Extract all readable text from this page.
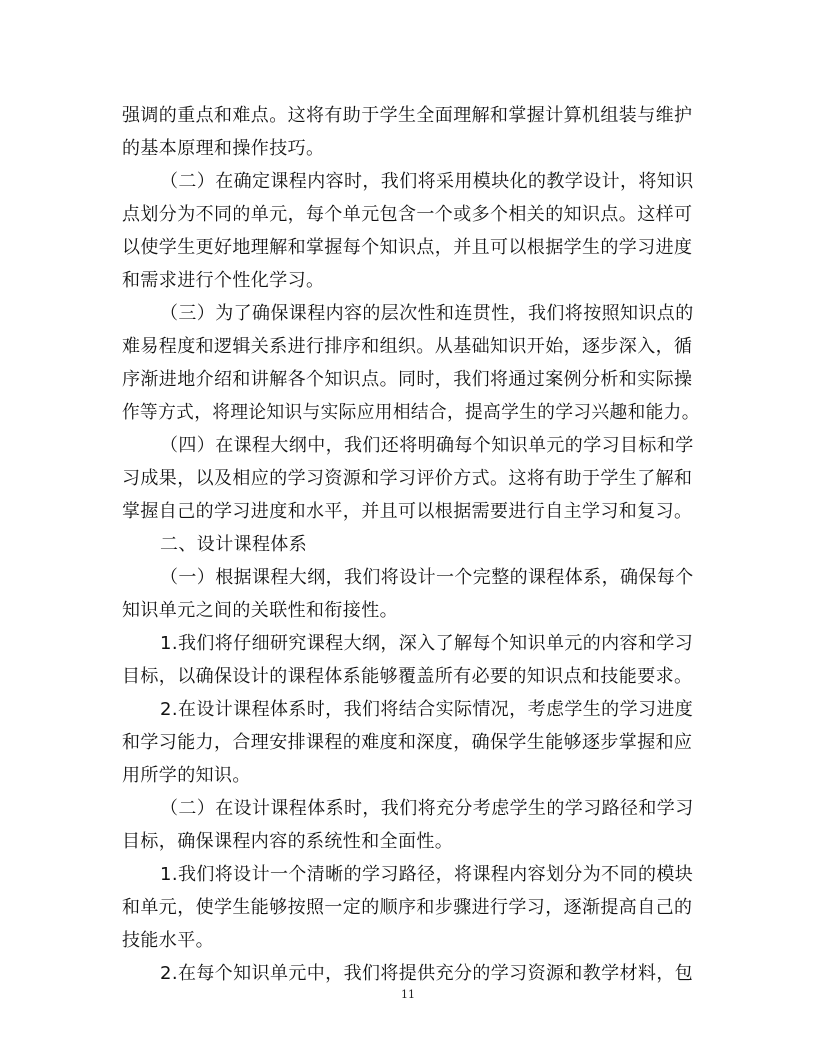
强调的重点和难点。这将有助于学生全面理解和掌握计算机组装与维护
的基本原理和操作技巧。
（二）在确定课程内容时，我们将采用模块化的教学设计，将知识
点划分为不同的单元，每个单元包含一个或多个相关的知识点。这样可
以使学生更好地理解和掌握每个知识点，并且可以根据学生的学习进度
和需求进行个性化学习。
（三）为了确保课程内容的层次性和连贯性，我们将按照知识点的
难易程度和逻辑关系进行排序和组织。从基础知识开始，逐步深入，循
序渐进地介绍和讲解各个知识点。同时，我们将通过案例分析和实际操
作等方式，将理论知识与实际应用相结合，提高学生的学习兴趣和能力。
（四）在课程大纲中，我们还将明确每个知识单元的学习目标和学
习成果，以及相应的学习资源和学习评价方式。这将有助于学生了解和
掌握自己的学习进度和水平，并且可以根据需要进行自主学习和复习。
二、设计课程体系
（一）根据课程大纲，我们将设计一个完整的课程体系，确保每个
知识单元之间的关联性和衔接性。
1.我们将仔细研究课程大纲，深入了解每个知识单元的内容和学习
目标，以确保设计的课程体系能够覆盖所有必要的知识点和技能要求。
2.在设计课程体系时，我们将结合实际情况，考虑学生的学习进度
和学习能力，合理安排课程的难度和深度，确保学生能够逐步掌握和应
用所学的知识。
（二）在设计课程体系时，我们将充分考虑学生的学习路径和学习
目标，确保课程内容的系统性和全面性。
1.我们将设计一个清晰的学习路径，将课程内容划分为不同的模块
和单元，使学生能够按照一定的顺序和步骤进行学习，逐渐提高自己的
技能水平。
2.在每个知识单元中，我们将提供充分的学习资源和教学材料，包
11
